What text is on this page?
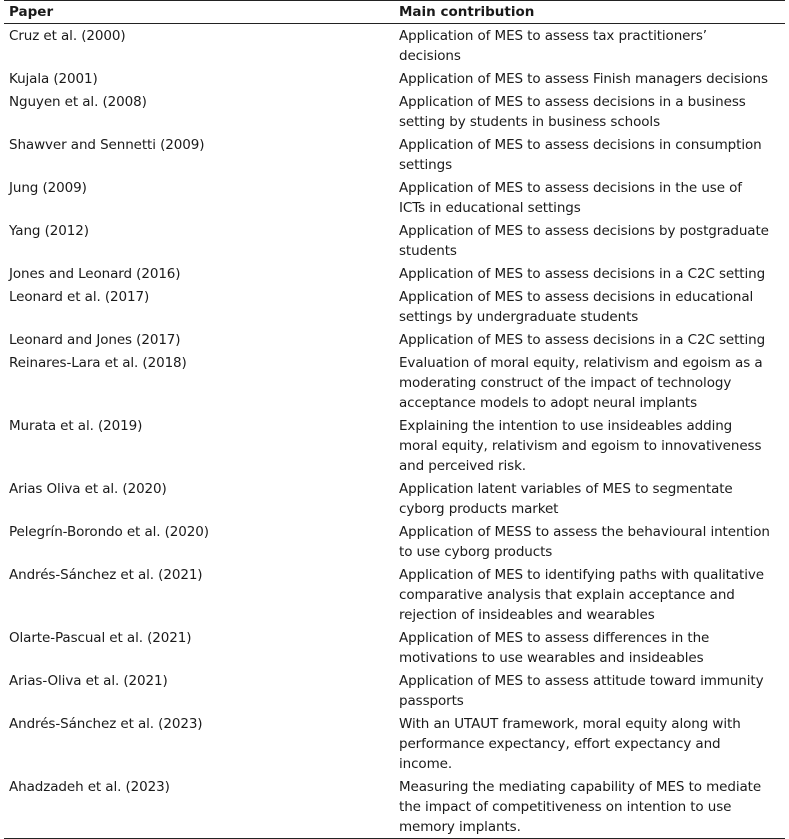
Paper	Main contribution
Cruz et al. (2000)	Application of MES to assess tax practitioners’ decisions
Kujala (2001)	Application of MES to assess Finish managers decisions
Nguyen et al. (2008)	Application of MES to assess decisions in a business setting by students in business schools
Shawver and Sennetti (2009)	Application of MES to assess decisions in consumption settings
Jung (2009)	Application of MES to assess decisions in the use of ICTs in educational settings
Yang (2012)	Application of MES to assess decisions by postgraduate students
Jones and Leonard (2016)	Application of MES to assess decisions in a C2C setting
Leonard et al. (2017)	Application of MES to assess decisions in educational settings by undergraduate students
Leonard and Jones (2017)	Application of MES to assess decisions in a C2C setting
Reinares-Lara et al. (2018)	Evaluation of moral equity, relativism and egoism as a moderating construct of the impact of technology acceptance models to adopt neural implants
Murata et al. (2019)	Explaining the intention to use insideables adding moral equity, relativism and egoism to innovativeness and perceived risk.
Arias Oliva et al. (2020)	Application latent variables of MES to segmentate cyborg products market
Pelegrín-Borondo et al. (2020)	Application of MESS to assess the behavioural intention to use cyborg products
Andrés-Sánchez et al. (2021)	Application of MES to identifying paths with qualitative comparative analysis that explain acceptance and rejection of insideables and wearables
Olarte-Pascual et al. (2021)	Application of MES to assess differences in the motivations to use wearables and insideables
Arias-Oliva et al. (2021)	Application of MES to assess attitude toward immunity passports
Andrés-Sánchez et al. (2023)	With an UTAUT framework, moral equity along with performance expectancy, effort expectancy and income.
Ahadzadeh et al. (2023)	Measuring the mediating capability of MES to mediate the impact of competitiveness on intention to use memory implants.
